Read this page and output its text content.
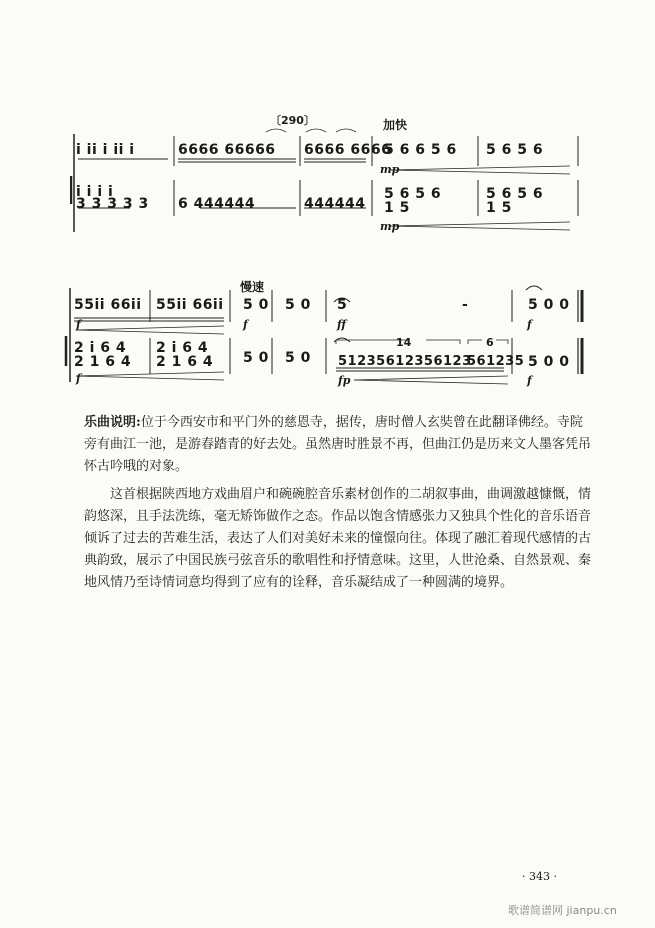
〔290〕	加快
i ii i ii i	6666 66666 6666 6666
5 6 6 5 6 5 6 5 6
i i i i
3 3 3 3 3 6 444444	444444
5 6 5 6
1 5
5 6 5 6
1 5
mp
mp
慢速
55ii 66ii 55ii 66ii 5 0 5 0 5	-	5 0 0
2 i 6 4 2 i 6 4
2 1 6 4 2 1 6 4 5 0 5 0 51235612356123
561235 5 0 0
14	6
f	f	ff	f
f	fp	f

乐曲说明:位于今西安市和平门外的慈恩寺，据传，唐时僧人玄奘曾在此翻译佛经。寺院旁有曲江一池，是游春踏青的好去处。虽然唐时胜景不再，但曲江仍是历来文人墨客凭吊怀古吟哦的对象。

这首根据陕西地方戏曲眉户和碗碗腔音乐素材创作的二胡叙事曲，曲调激越慷慨，情韵悠深，且手法洗练，毫无矫饰做作之态。作品以饱含情感张力又独具个性化的音乐语音倾诉了过去的苦难生活，表达了人们对美好未来的憧憬向往。体现了融汇着现代感情的古典韵致，展示了中国民族弓弦音乐的歌唱性和抒情意味。这里，人世沧桑、自然景观、秦地风情乃至诗情词意均得到了应有的诠释，音乐凝结成了一种圆满的境界。

· 343 ·
歌谱简谱网 jianpu.cn
